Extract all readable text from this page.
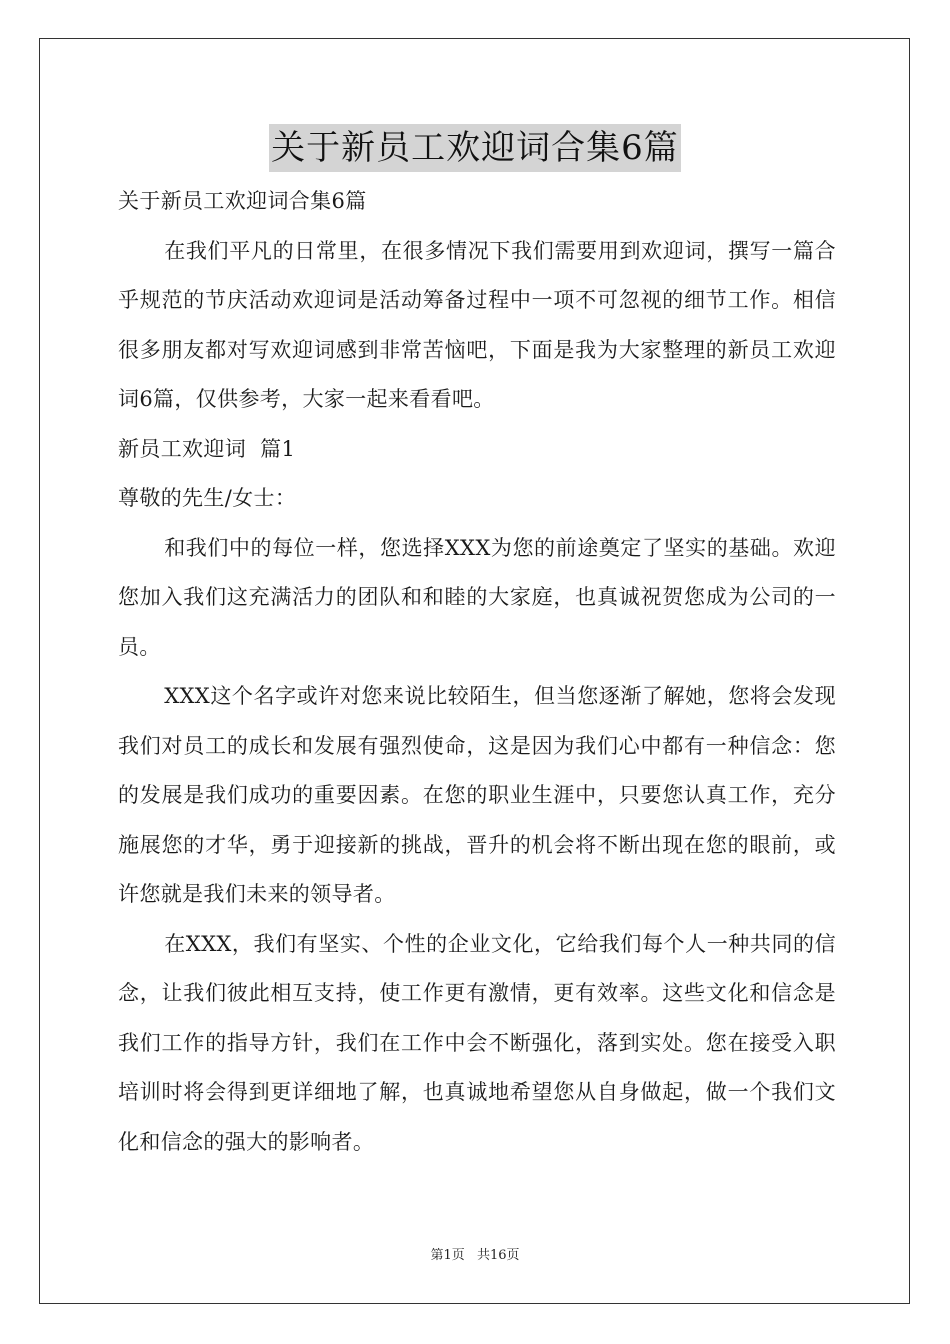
关于新员工欢迎词合集6篇
关于新员工欢迎词合集6篇

在我们平凡的日常里，在很多情况下我们需要用到欢迎词，撰写一篇合乎规范的节庆活动欢迎词是活动筹备过程中一项不可忽视的细节工作。相信很多朋友都对写欢迎词感到非常苦恼吧，下面是我为大家整理的新员工欢迎词6篇，仅供参考，大家一起来看看吧。

新员工欢迎词  篇1
尊敬的先生/女士：

和我们中的每位一样，您选择XXX为您的前途奠定了坚实的基础。欢迎您加入我们这充满活力的团队和和睦的大家庭，也真诚祝贺您成为公司的一员。

XXX这个名字或许对您来说比较陌生，但当您逐渐了解她，您将会发现我们对员工的成长和发展有强烈使命，这是因为我们心中都有一种信念：您的发展是我们成功的重要因素。在您的职业生涯中，只要您认真工作，充分施展您的才华，勇于迎接新的挑战，晋升的机会将不断出现在您的眼前，或许您就是我们未来的领导者。

在XXX，我们有坚实、个性的企业文化，它给我们每个人一种共同的信念，让我们彼此相互支持，使工作更有激情，更有效率。这些文化和信念是我们工作的指导方针，我们在工作中会不断强化，落到实处。您在接受入职培训时将会得到更详细地了解，也真诚地希望您从自身做起，做一个我们文化和信念的强大的影响者。

第1页 共16页
